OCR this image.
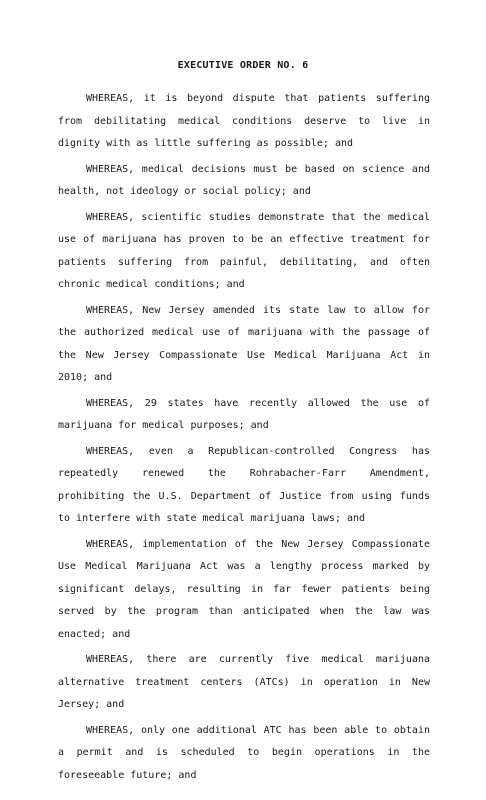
EXECUTIVE ORDER NO. 6

WHEREAS, it is beyond dispute that patients suffering from debilitating medical conditions deserve to live in dignity with as little suffering as possible; and

WHEREAS, medical decisions must be based on science and health, not ideology or social policy; and

WHEREAS, scientific studies demonstrate that the medical use of marijuana has proven to be an effective treatment for patients suffering from painful, debilitating, and often chronic medical conditions; and

WHEREAS, New Jersey amended its state law to allow for the authorized medical use of marijuana with the passage of the New Jersey Compassionate Use Medical Marijuana Act in 2010; and

WHEREAS, 29 states have recently allowed the use of marijuana for medical purposes; and

WHEREAS, even a Republican-controlled Congress has repeatedly renewed the Rohrabacher-Farr Amendment, prohibiting the U.S. Department of Justice from using funds to interfere with state medical marijuana laws; and

WHEREAS, implementation of the New Jersey Compassionate Use Medical Marijuana Act was a lengthy process marked by significant delays, resulting in far fewer patients being served by the program than anticipated when the law was enacted; and

WHEREAS, there are currently five medical marijuana alternative treatment centers (ATCs) in operation in New Jersey; and

WHEREAS, only one additional ATC has been able to obtain a permit and is scheduled to begin operations in the foreseeable future; and
